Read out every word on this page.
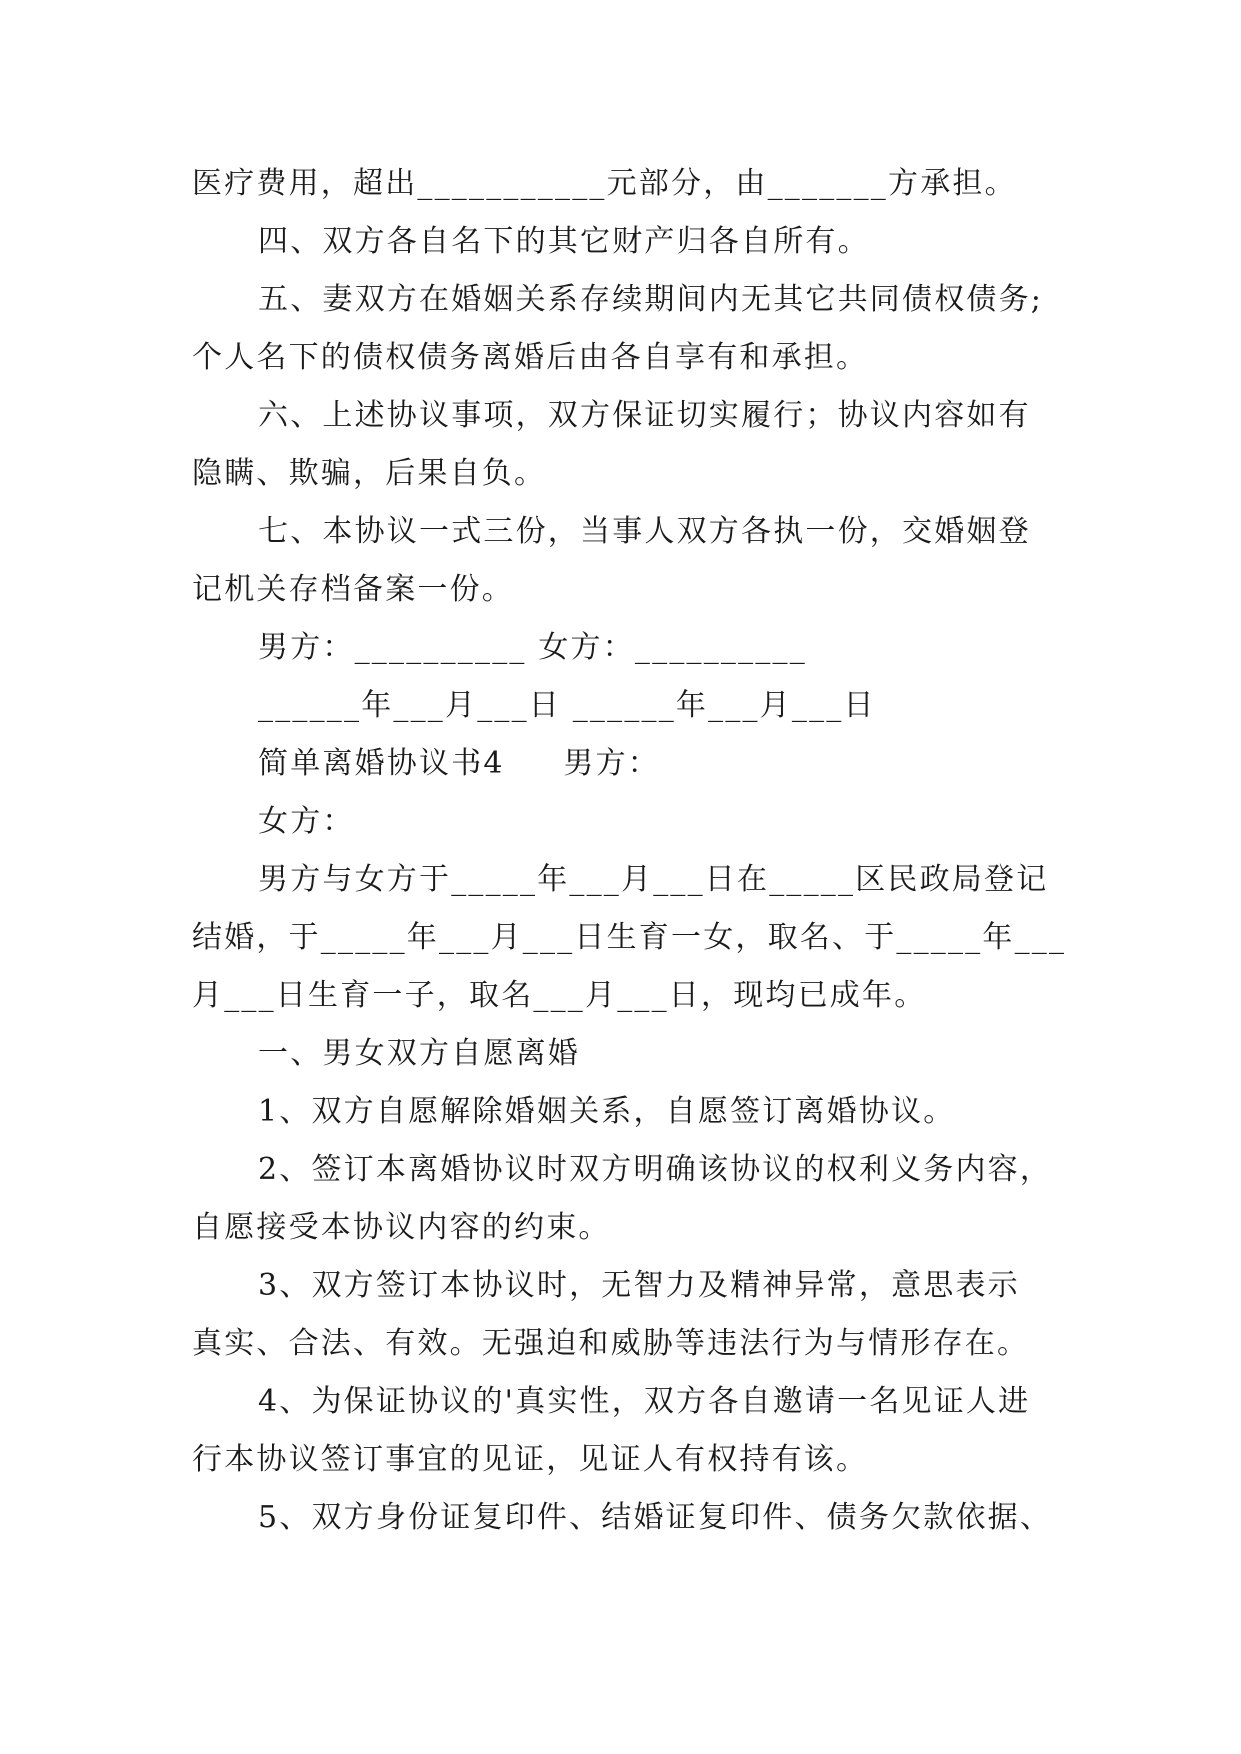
医疗费用，超出___________元部分，由_______方承担。
四、双方各自名下的其它财产归各自所有。
五、妻双方在婚姻关系存续期间内无其它共同债权债务;
个人名下的债权债务离婚后由各自享有和承担。
六、上述协议事项，双方保证切实履行；协议内容如有
隐瞒、欺骗，后果自负。
七、本协议一式三份，当事人双方各执一份，交婚姻登
记机关存档备案一份。
男方：__________ 女方：__________
______年___月___日 ______年___月___日
简单离婚协议书4     男方：
女方：
男方与女方于_____年___月___日在_____区民政局登记
结婚，于_____年___月___日生育一女，取名、于_____年___
月___日生育一子，取名___月___日，现均已成年。
一、男女双方自愿离婚
1、双方自愿解除婚姻关系，自愿签订离婚协议。
2、签订本离婚协议时双方明确该协议的权利义务内容，
自愿接受本协议内容的约束。
3、双方签订本协议时，无智力及精神异常，意思表示
真实、合法、有效。无强迫和威胁等违法行为与情形存在。
4、为保证协议的'真实性，双方各自邀请一名见证人进
行本协议签订事宜的见证，见证人有权持有该。
5、双方身份证复印件、结婚证复印件、债务欠款依据、
